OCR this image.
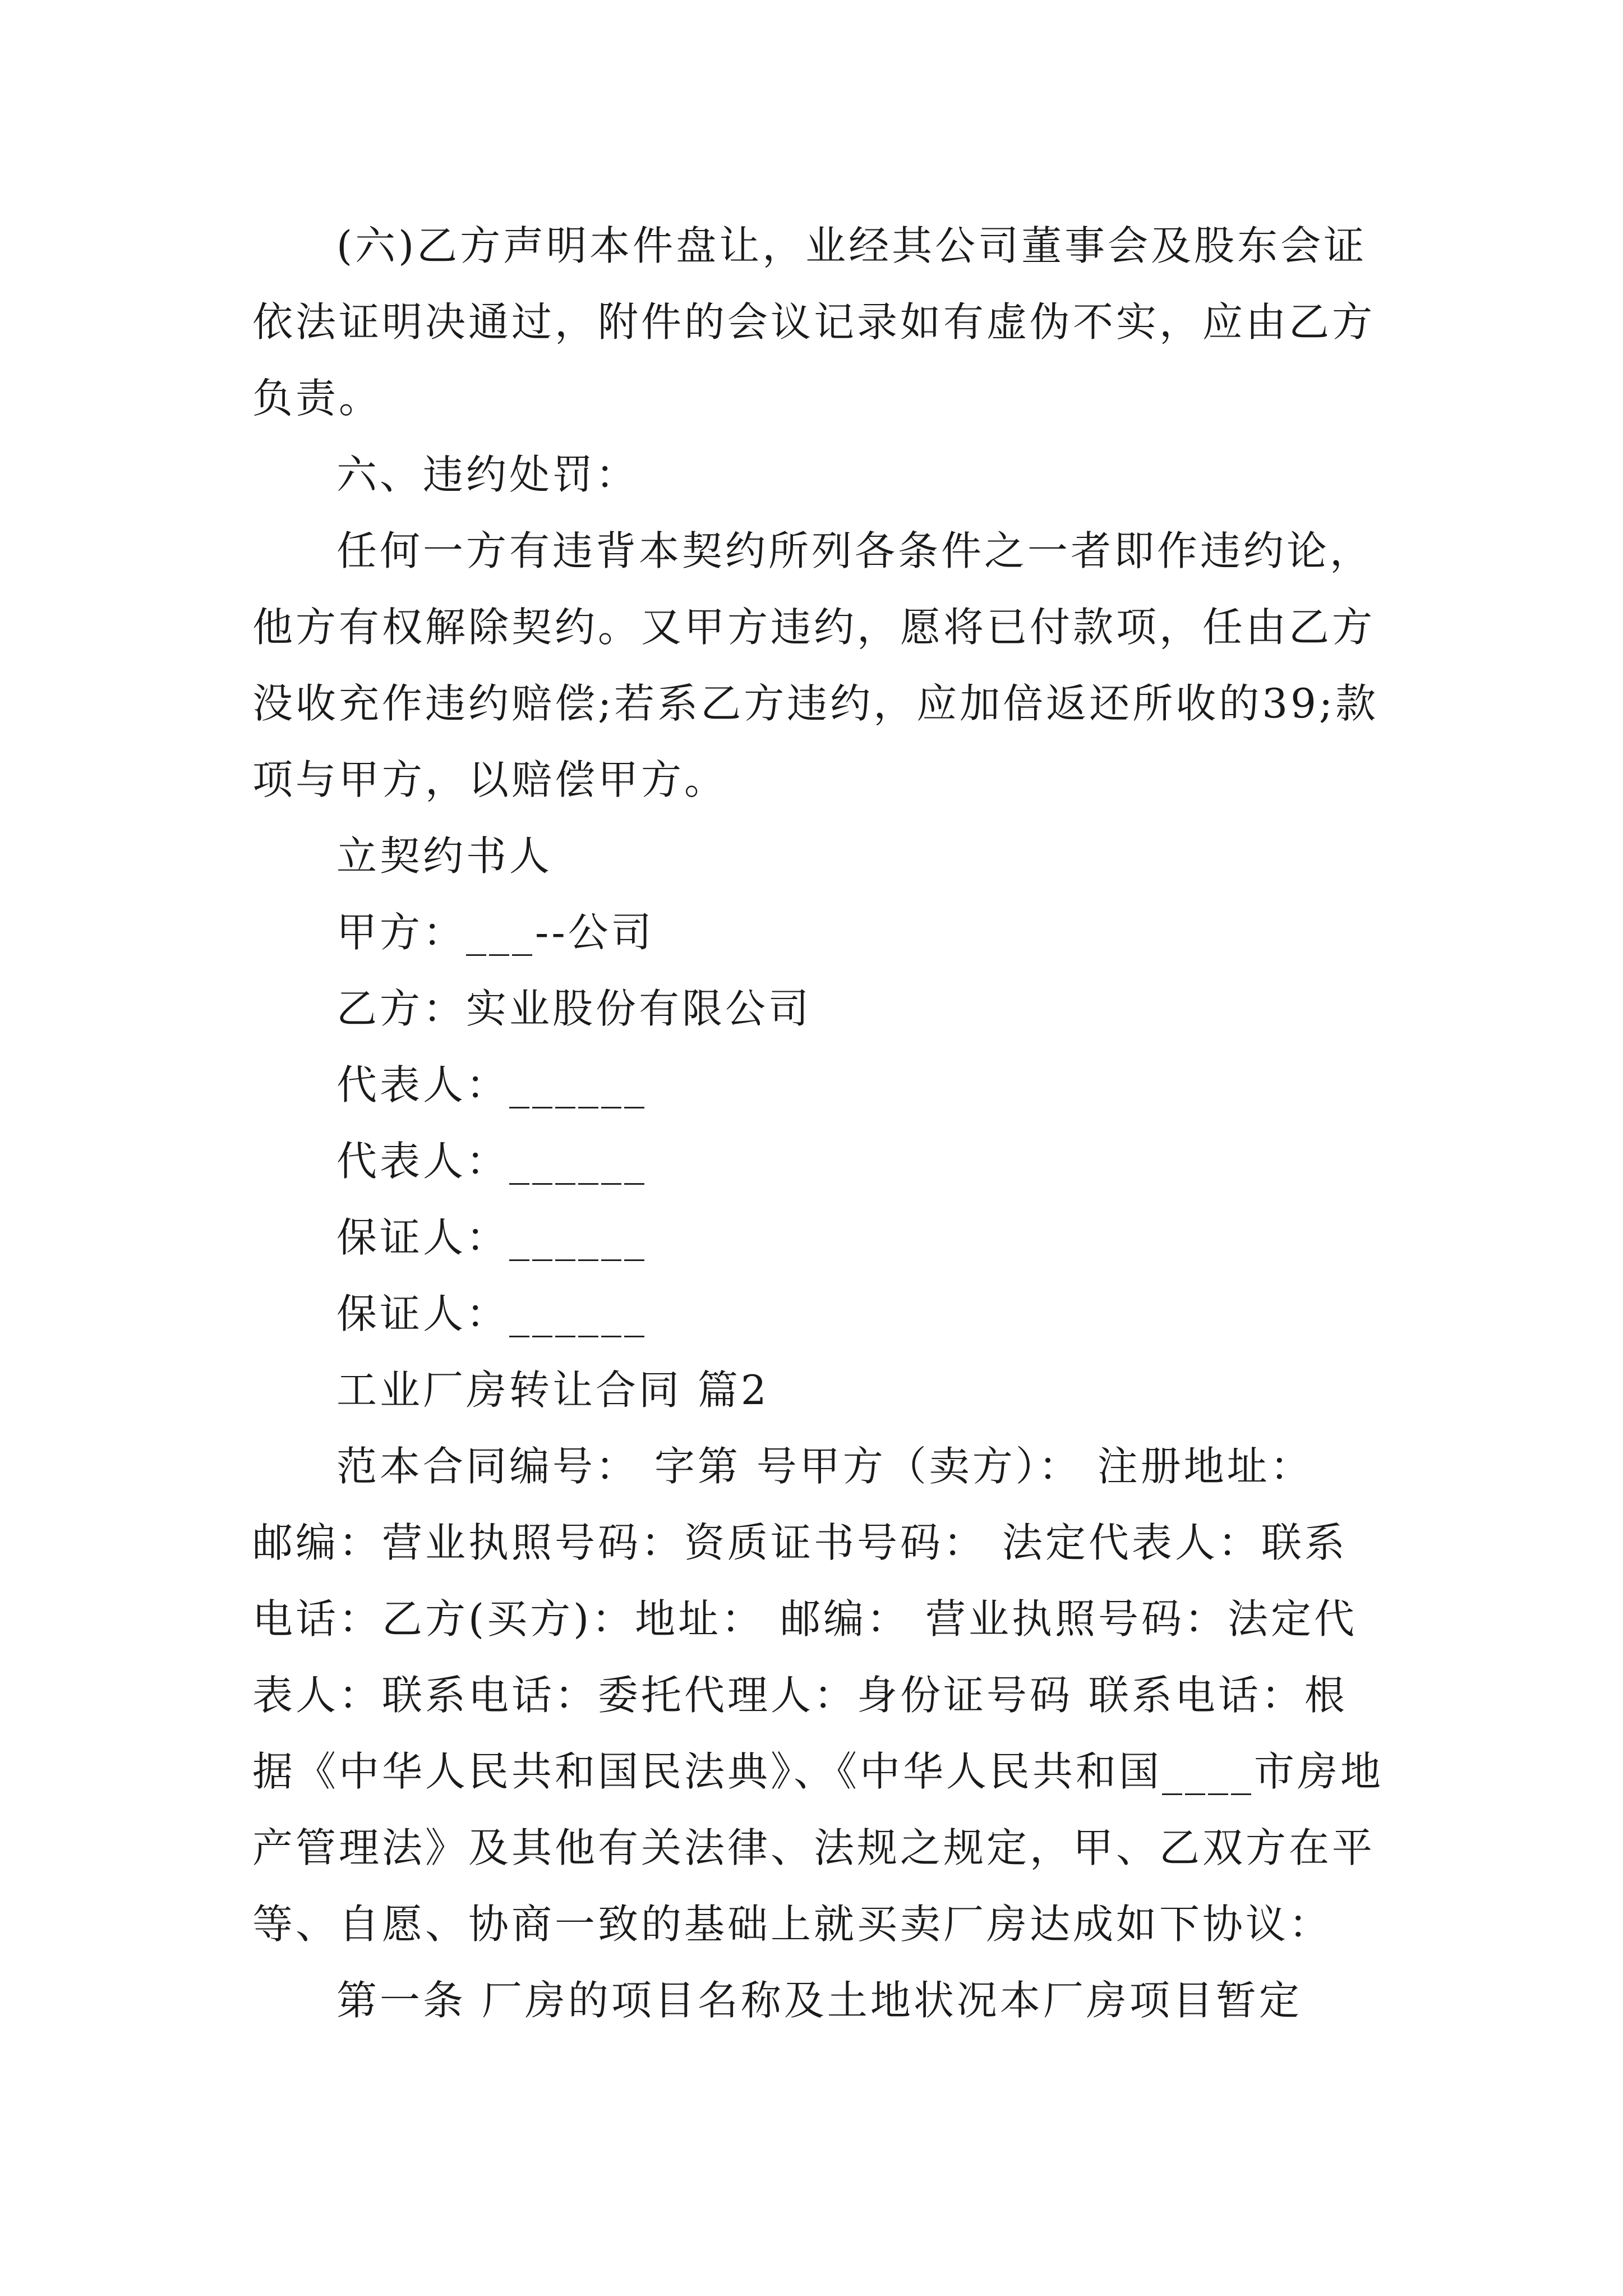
(六)乙方声明本件盘让，业经其公司董事会及股东会证
依法证明决通过，附件的会议记录如有虚伪不实，应由乙方
负责。

六、违约处罚：

任何一方有违背本契约所列各条件之一者即作违约论，
他方有权解除契约。又甲方违约，愿将已付款项，任由乙方
没收充作违约赔偿;若系乙方违约，应加倍返还所收的39;款
项与甲方，以赔偿甲方。

立契约书人

甲方：___--公司

乙方：实业股份有限公司

代表人：______

代表人：______

保证人：______

保证人：______

工业厂房转让合同 篇2

范本合同编号： 字第 号甲方（卖方）： 注册地址：
邮编：营业执照号码：资质证书号码： 法定代表人：联系
电话：乙方(买方)：地址： 邮编： 营业执照号码：法定代
表人：联系电话：委托代理人：身份证号码 联系电话：根
据《中华人民共和国民法典》、《中华人民共和国____市房地
产管理法》及其他有关法律、法规之规定，甲、乙双方在平
等、自愿、协商一致的基础上就买卖厂房达成如下协议：

第一条 厂房的项目名称及土地状况本厂房项目暂定
